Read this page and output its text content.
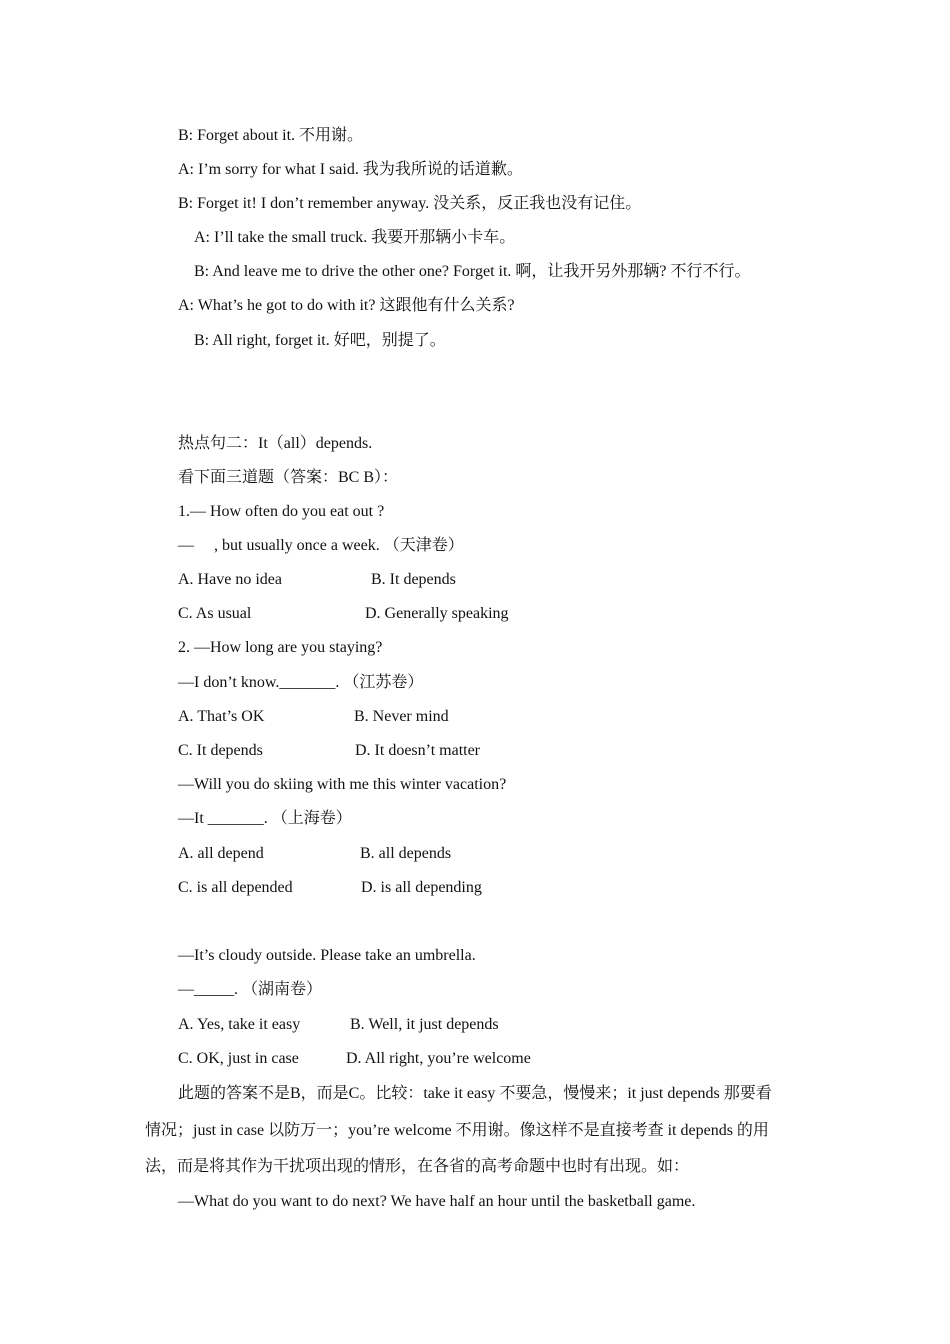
B: Forget about it. 不用谢。
A: I’m sorry for what I said. 我为我所说的话道歉。
B: Forget it! I don’t remember anyway. 没关系，反正我也没有记住。
A: I’ll take the small truck. 我要开那辆小卡车。
B: And leave me to drive the other one? Forget it. 啊，让我开另外那辆? 不行不行。
A: What’s he got to do with it? 这跟他有什么关系?
B: All right, forget it. 好吧，别提了。
热点句二：It（all）depends.
看下面三道题（答案：BC B）：
1.— How often do you eat out ?
—     , but usually once a week. （天津卷）
A. Have no idea	B. It depends
C. As usual	D. Generally speaking
2. —How long are you staying?
—I don’t know._______. （江苏卷）
A. That’s OK	B. Never mind
C. It depends	D. It doesn’t matter
—Will you do skiing with me this winter vacation?
—It _______. （上海卷）
A. all depend	B. all depends
C. is all depended	D. is all depending
—It’s cloudy outside. Please take an umbrella.
—_____. （湖南卷）
A. Yes, take it easy	B. Well, it just depends
C. OK, just in case	D. All right, you’re welcome
此题的答案不是B，而是C。比较：take it easy 不要急，慢慢来；it just depends 那要看
情况；just in case 以防万一；you’re welcome 不用谢。像这样不是直接考查 it depends 的用
法，而是将其作为干扰项出现的情形，在各省的高考命题中也时有出现。如：
—What do you want to do next? We have half an hour until the basketball game.
